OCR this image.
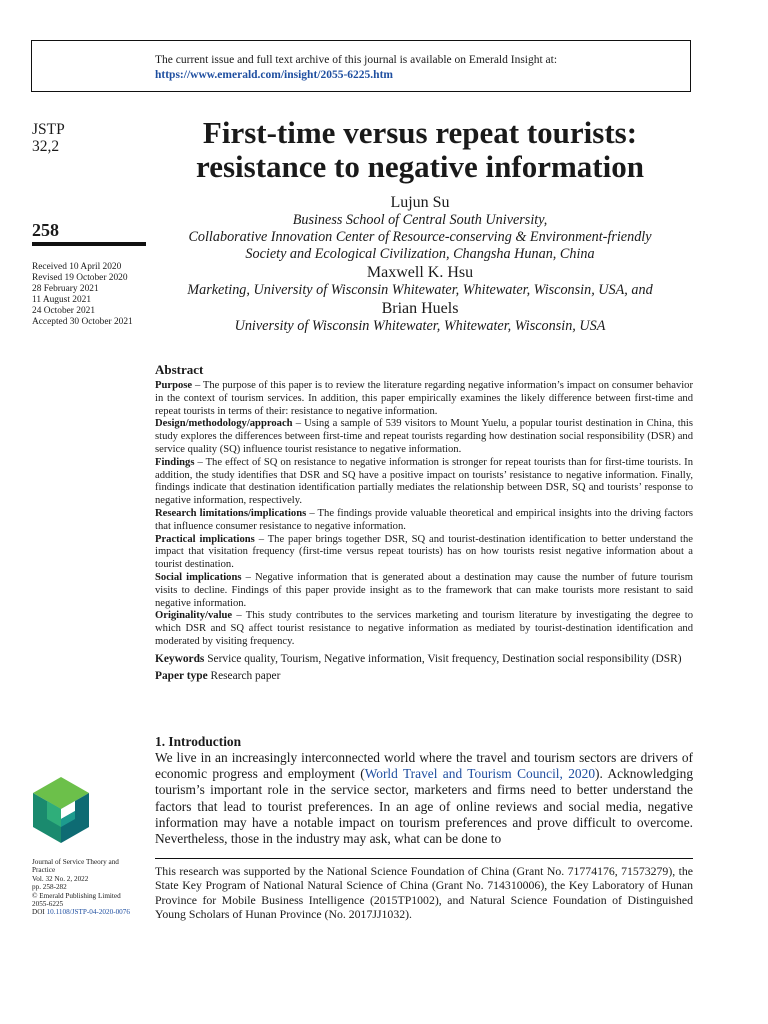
The current issue and full text archive of this journal is available on Emerald Insight at:
https://www.emerald.com/insight/2055-6225.htm
JSTP
32,2
258
Received 10 April 2020
Revised 19 October 2020
28 February 2021
11 August 2021
24 October 2021
Accepted 30 October 2021
First-time versus repeat tourists:
resistance to negative information
Lujun Su
Business School of Central South University,
Collaborative Innovation Center of Resource-conserving & Environment-friendly
Society and Ecological Civilization, Changsha Hunan, China
Maxwell K. Hsu
Marketing, University of Wisconsin Whitewater, Whitewater, Wisconsin, USA, and
Brian Huels
University of Wisconsin Whitewater, Whitewater, Wisconsin, USA
Abstract

Purpose – The purpose of this paper is to review the literature regarding negative information’s impact on consumer behavior in the context of tourism services. In addition, this paper empirically examines the likely difference between first-time and repeat tourists in terms of their: resistance to negative information.

Design/methodology/approach – Using a sample of 539 visitors to Mount Yuelu, a popular tourist destination in China, this study explores the differences between first-time and repeat tourists regarding how destination social responsibility (DSR) and service quality (SQ) influence tourist resistance to negative information.

Findings – The effect of SQ on resistance to negative information is stronger for repeat tourists than for first-time tourists. In addition, the study identifies that DSR and SQ have a positive impact on tourists’ resistance to negative information. Finally, findings indicate that destination identification partially mediates the relationship between DSR, SQ and tourists’ response to negative information, respectively.

Research limitations/implications – The findings provide valuable theoretical and empirical insights into the driving factors that influence consumer resistance to negative information.

Practical implications – The paper brings together DSR, SQ and tourist-destination identification to better understand the impact that visitation frequency (first-time versus repeat tourists) has on how tourists resist negative information about a tourist destination.

Social implications – Negative information that is generated about a destination may cause the number of future tourism visits to decline. Findings of this paper provide insight as to the framework that can make tourists more resistant to said negative information.

Originality/value – This study contributes to the services marketing and tourism literature by investigating the degree to which DSR and SQ affect tourist resistance to negative information as mediated by tourist-destination identification and moderated by visiting frequency.

Keywords Service quality, Tourism, Negative information, Visit frequency, Destination social responsibility (DSR)

Paper type Research paper

1. Introduction

We live in an increasingly interconnected world where the travel and tourism sectors are drivers of economic progress and employment (World Travel and Tourism Council, 2020). Acknowledging tourism’s important role in the service sector, marketers and firms need to better understand the factors that lead to tourist preferences. In an age of online reviews and social media, negative information may have a notable impact on tourism preferences and prove difficult to overcome. Nevertheless, those in the industry may ask, what can be done to

Journal of Service Theory and
Practice
Vol. 32 No. 2, 2022
pp. 258-282
© Emerald Publishing Limited
2055-6225
DOI 10.1108/JSTP-04-2020-0076

This research was supported by the National Science Foundation of China (Grant No. 71774176, 71573279), the State Key Program of National Natural Science of China (Grant No. 714310006), the Key Laboratory of Hunan Province for Mobile Business Intelligence (2015TP1002), and Natural Science Foundation of Distinguished Young Scholars of Hunan Province (No. 2017JJ1032).
